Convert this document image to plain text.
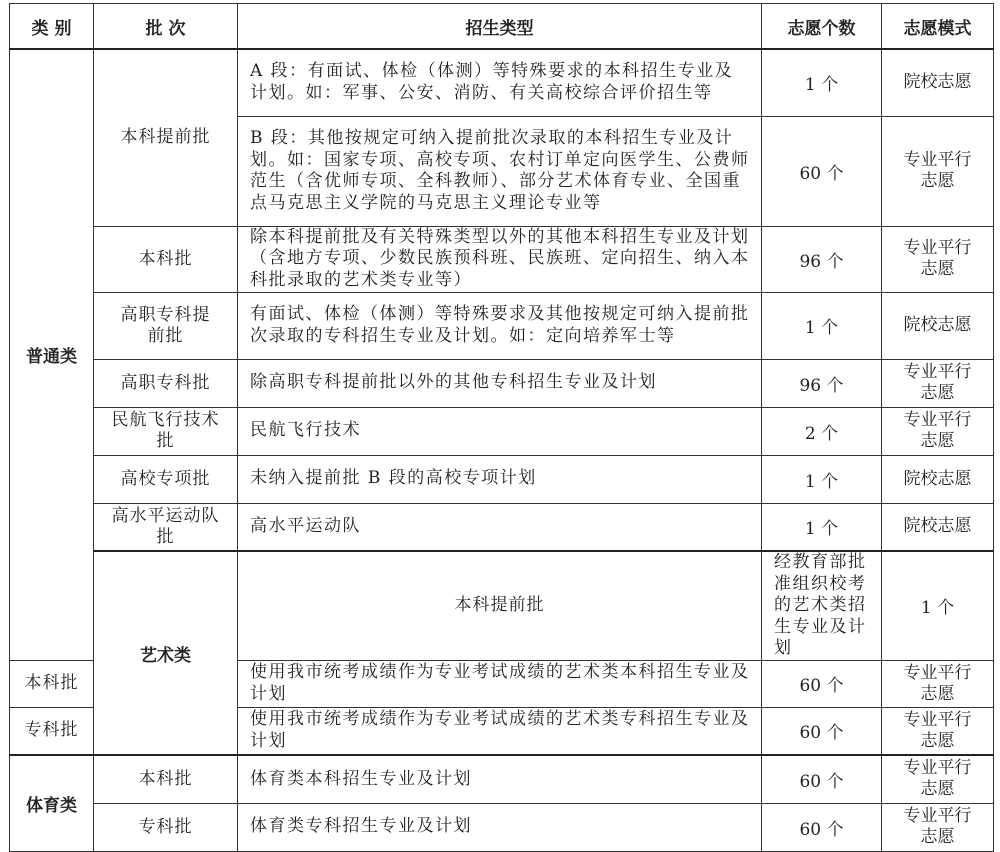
类 别	批 次	招生类型	志愿个数	志愿模式	
普通类	本科提前批	A 段：有面试、体检（体测）等特殊要求的本科招生专业及计划。如：军事、公安、消防、有关高校综合评价招生等	1 个	院校志愿	
		B 段：其他按规定可纳入提前批次录取的本科招生专业及计划。如：国家专项、高校专项、农村订单定向医学生、公费师范生（含优师专项、全科教师）、部分艺术体育专业、全国重点马克思主义学院的马克思主义理论专业等	60 个	专业平行志愿	
	本科批	除本科提前批及有关特殊类型以外的其他本科招生专业及计划（含地方专项、少数民族预科班、民族班、定向招生、纳入本科批录取的艺术类专业等）	96 个	专业平行志愿	

	高职专科提前批	有面试、体检（体测）等特殊要求及其他按规定可纳入提前批次录取的专科招生专业及计划。如：定向培养军士等	1 个	院校志愿	
	高职专科批	除高职专科提前批以外的其他专科招生专业及计划	96 个	专业平行志愿	

	民航飞行技术批	民航飞行技术	2 个	专业平行志愿	
	高校专项批	未纳入提前批 B 段的高校专项计划	1 个	院校志愿	

	高水平运动队批	高水平运动队	1 个	院校志愿	
	艺术类	本科提前批	经教育部批准组织校考的艺术类招生专业及计划	1 个	
本科批		使用我市统考成绩作为专业考试成绩的艺术类本科招生专业及计划	60 个	专业平行志愿	
专科批		使用我市统考成绩作为专业考试成绩的艺术类专科招生专业及计划	60 个	专业平行志愿	
体育类	本科批	体育类本科招生专业及计划	60 个	专业平行志愿	
	专科批	体育类专科招生专业及计划	60 个	专业平行志愿	
